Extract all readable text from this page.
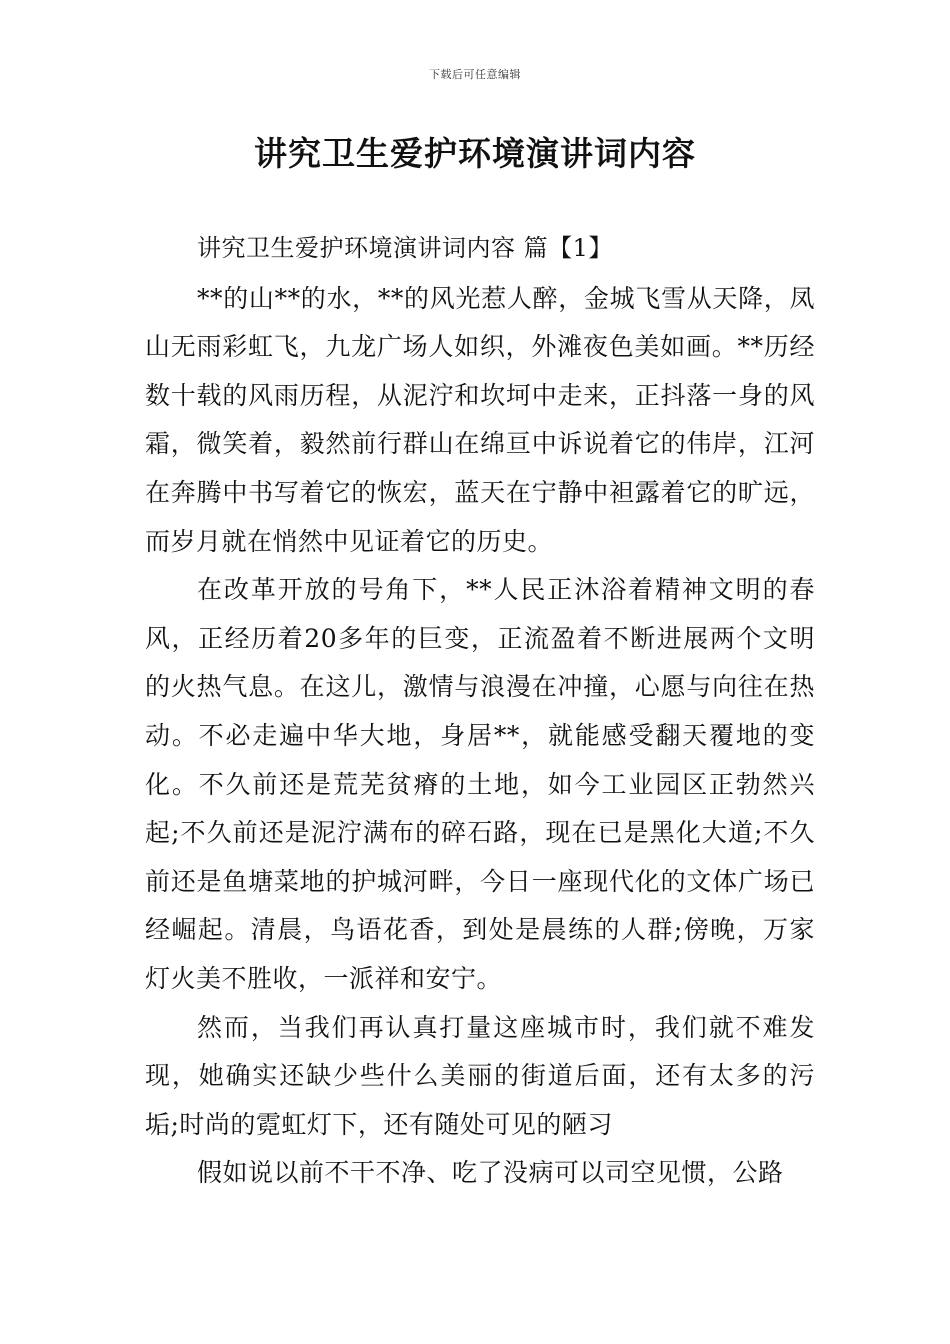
下载后可任意编辑
讲究卫生爱护环境演讲词内容

讲究卫生爱护环境演讲词内容 篇【1】

**的山**的水，**的风光惹人醉，金城飞雪从天降，凤山无雨彩虹飞，九龙广场人如织，外滩夜色美如画。**历经数十载的风雨历程，从泥泞和坎坷中走来，正抖落一身的风霜，微笑着，毅然前行群山在绵亘中诉说着它的伟岸，江河在奔腾中书写着它的恢宏，蓝天在宁静中袒露着它的旷远，而岁月就在悄然中见证着它的历史。

在改革开放的号角下，**人民正沐浴着精神文明的春风，正经历着20多年的巨变，正流盈着不断进展两个文明的火热气息。在这儿，激情与浪漫在冲撞，心愿与向往在热动。不必走遍中华大地，身居**，就能感受翻天覆地的变化。不久前还是荒芜贫瘠的土地，如今工业园区正勃然兴起;不久前还是泥泞满布的碎石路，现在已是黑化大道;不久前还是鱼塘菜地的护城河畔，今日一座现代化的文体广场已经崛起。清晨，鸟语花香，到处是晨练的人群;傍晚，万家灯火美不胜收，一派祥和安宁。

然而，当我们再认真打量这座城市时，我们就不难发现，她确实还缺少些什么美丽的街道后面，还有太多的污垢;时尚的霓虹灯下，还有随处可见的陋习

假如说以前不干不净、吃了没病可以司空见惯，公路
